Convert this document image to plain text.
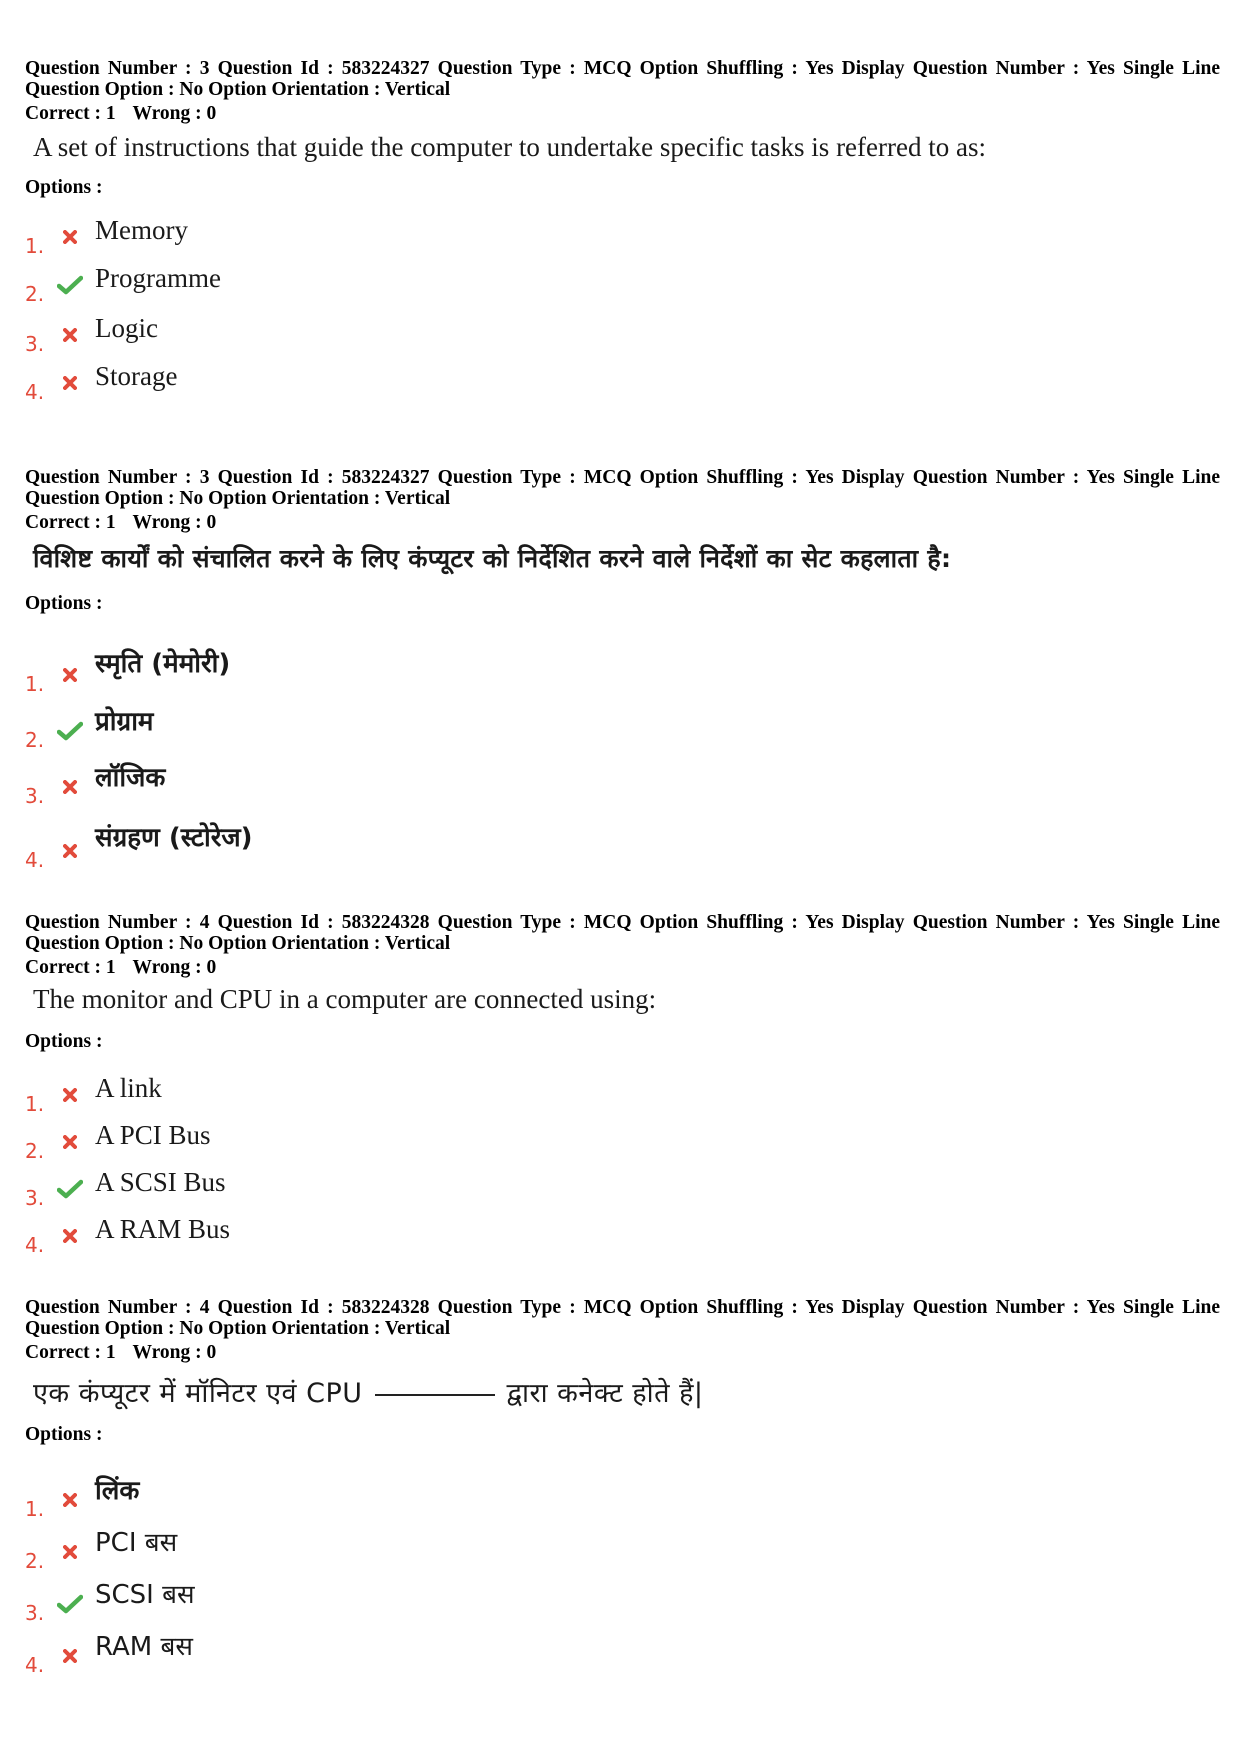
Question Number : 3 Question Id : 583224327 Question Type : MCQ Option Shuffling : Yes Display Question Number : Yes Single Line Question Option : No Option Orientation : Vertical

Correct : 1 Wrong : 0
A set of instructions that guide the computer to undertake specific tasks is referred to as:
Options :
1.
Memory
2.
Programme
3.
Logic
4.
Storage

Question Number : 3 Question Id : 583224327 Question Type : MCQ Option Shuffling : Yes Display Question Number : Yes Single Line Question Option : No Option Orientation : Vertical

Correct : 1 Wrong : 0
विशिष्ट कार्यों को संचालित करने के लिए कंप्यूटर को निर्देशित करने वाले निर्देशों का सेट कहलाता है:
Options :
1.
स्मृति (मेमोरी)
2.
प्रोग्राम
3.
लॉजिक
4.
संग्रहण (स्टोरेज)

Question Number : 4 Question Id : 583224328 Question Type : MCQ Option Shuffling : Yes Display Question Number : Yes Single Line Question Option : No Option Orientation : Vertical

Correct : 1 Wrong : 0
The monitor and CPU in a computer are connected using:
Options :
1.
A link
2.
A PCI Bus
3.
A SCSI Bus
4.
A RAM Bus

Question Number : 4 Question Id : 583224328 Question Type : MCQ Option Shuffling : Yes Display Question Number : Yes Single Line Question Option : No Option Orientation : Vertical

Correct : 1 Wrong : 0
एक कंप्यूटर में मॉनिटर एवं CPU	द्वारा कनेक्ट होते हैं|
Options :
1.
लिंक
2.
PCI बस
3.
SCSI बस
4.
RAM बस
